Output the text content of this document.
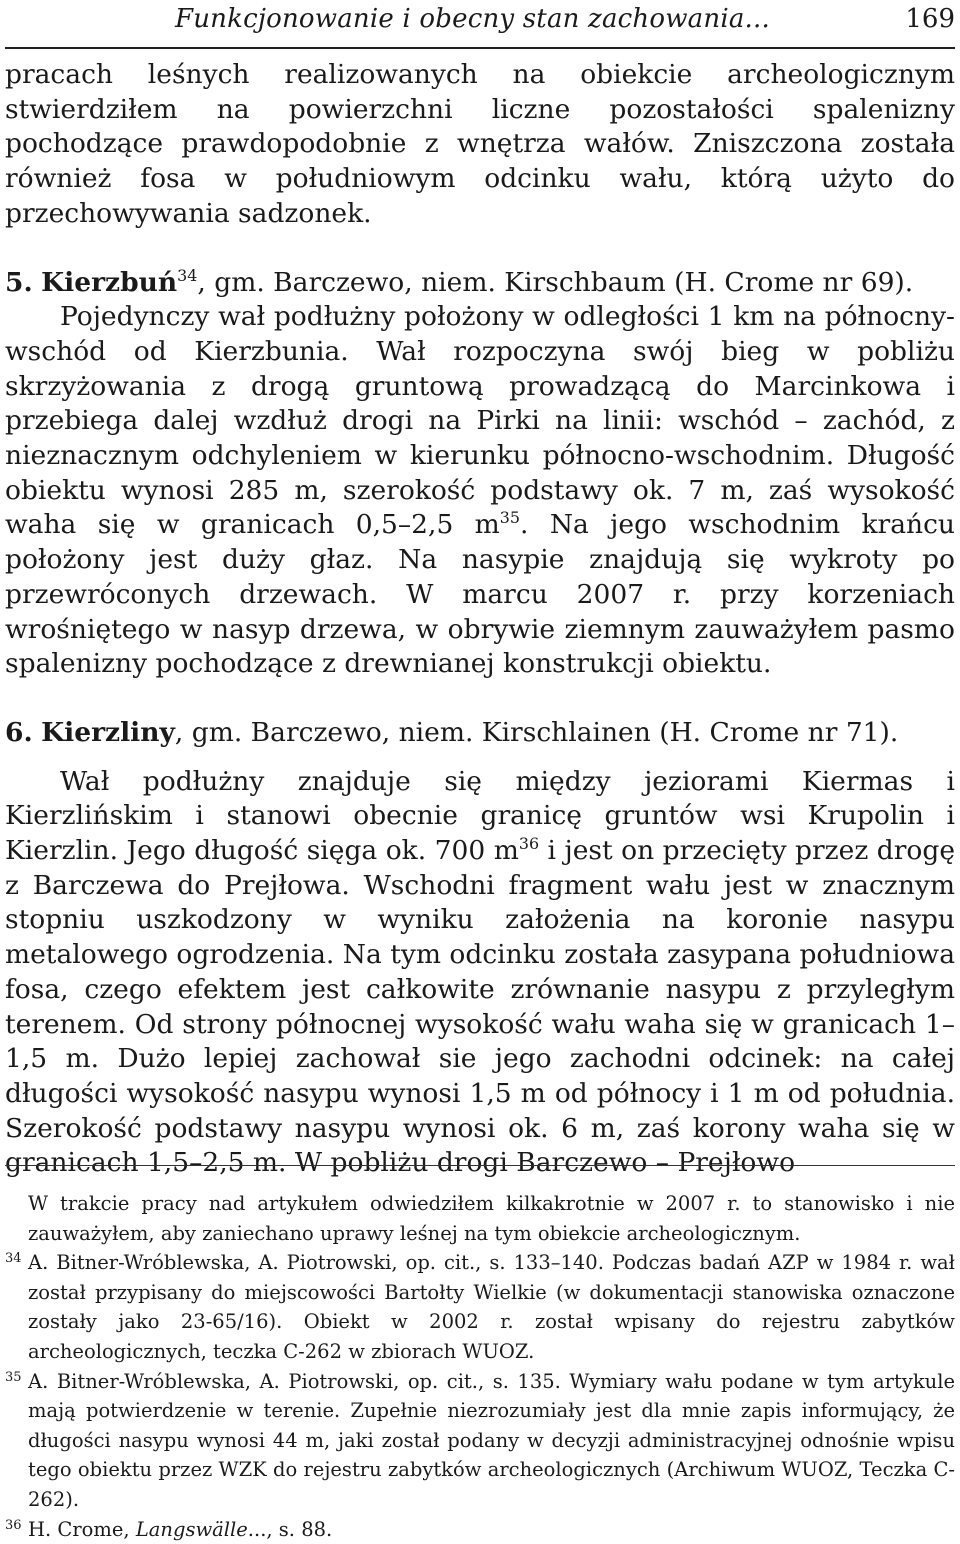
Funkcjonowanie i obecny stan zachowania...	169

pracach leśnych realizowanych na obiekcie archeologicznym stwierdziłem na powierzchni liczne pozostałości spalenizny pochodzące prawdopodobnie z wnętrza wałów. Zniszczona została również fosa w południowym odcinku wału, którą użyto do przechowywania sadzonek.

5. Kierzbuń$^{34}$, gm. Barczewo, niem. Kirschbaum (H. Crome nr 69).

Pojedynczy wał podłużny położony w odległości 1 km na północny-wschód od Kierzbunia. Wał rozpoczyna swój bieg w pobliżu skrzyżowania z drogą gruntową prowadzącą do Marcinkowa i przebiega dalej wzdłuż drogi na Pirki na linii: wschód – zachód, z nieznacznym odchyleniem w kierunku północno-wschodnim. Długość obiektu wynosi 285 m, szerokość podstawy ok. 7 m, zaś wysokość waha się w granicach 0,5–2,5 $m^{35}$. Na jego wschodnim krańcu położony jest duży głaz. Na nasypie znajdują się wykroty po przewróconych drzewach. W marcu 2007 r. przy korzeniach wrośniętego w nasyp drzewa, w obrywie ziemnym zauważyłem pasmo spalenizny pochodzące z drewnianej konstrukcji obiektu.

6. Kierzliny, gm. Barczewo, niem. Kirschlainen (H. Crome nr 71).

Wał podłużny znajduje się między jeziorami Kiermas i Kierzlińskim i stanowi obecnie granicę gruntów wsi Krupolin i Kierzlin. Jego długość sięga ok. 700 $m^{36}$ i jest on przecięty przez drogę z Barczewa do Prejłowa. Wschodni fragment wału jest w znacznym stopniu uszkodzony w wyniku założenia na koronie nasypu metalowego ogrodzenia. Na tym odcinku została zasypana południowa fosa, czego efektem jest całkowite zrównanie nasypu z przyległym terenem. Od strony północnej wysokość wału waha się w granicach 1–1,5 m. Dużo lepiej zachował sie jego zachodni odcinek: na całej długości wysokość nasypu wynosi 1,5 m od północy i 1 m od południa. Szerokość podstawy nasypu wynosi ok. 6 m, zaś korony waha się w granicach 1,5–2,5 m. W pobliżu drogi Barczewo – Prejłowo

W trakcie pracy nad artykułem odwiedziłem kilkakrotnie w 2007 r. to stanowisko i nie zauważyłem, aby zaniechano uprawy leśnej na tym obiekcie archeologicznym.

34 A. Bitner-Wróblewska, A. Piotrowski, op. cit., s. 133–140. Podczas badań AZP w 1984 r. wał został przypisany do miejscowości Bartołty Wielkie (w dokumentacji stanowiska oznaczone zostały jako 23-65/16). Obiekt w 2002 r. został wpisany do rejestru zabytków archeologicznych, teczka C-262 w zbiorach WUOZ.

35 A. Bitner-Wróblewska, A. Piotrowski, op. cit., s. 135. Wymiary wału podane w tym artykule mają potwierdzenie w terenie. Zupełnie niezrozumiały jest dla mnie zapis informujący, że długości nasypu wynosi 44 m, jaki został podany w decyzji administracyjnej odnośnie wpisu tego obiektu przez WZK do rejestru zabytków archeologicznych (Archiwum WUOZ, Teczka C-262).

36 H. Crome, Langswälle..., s. 88.
